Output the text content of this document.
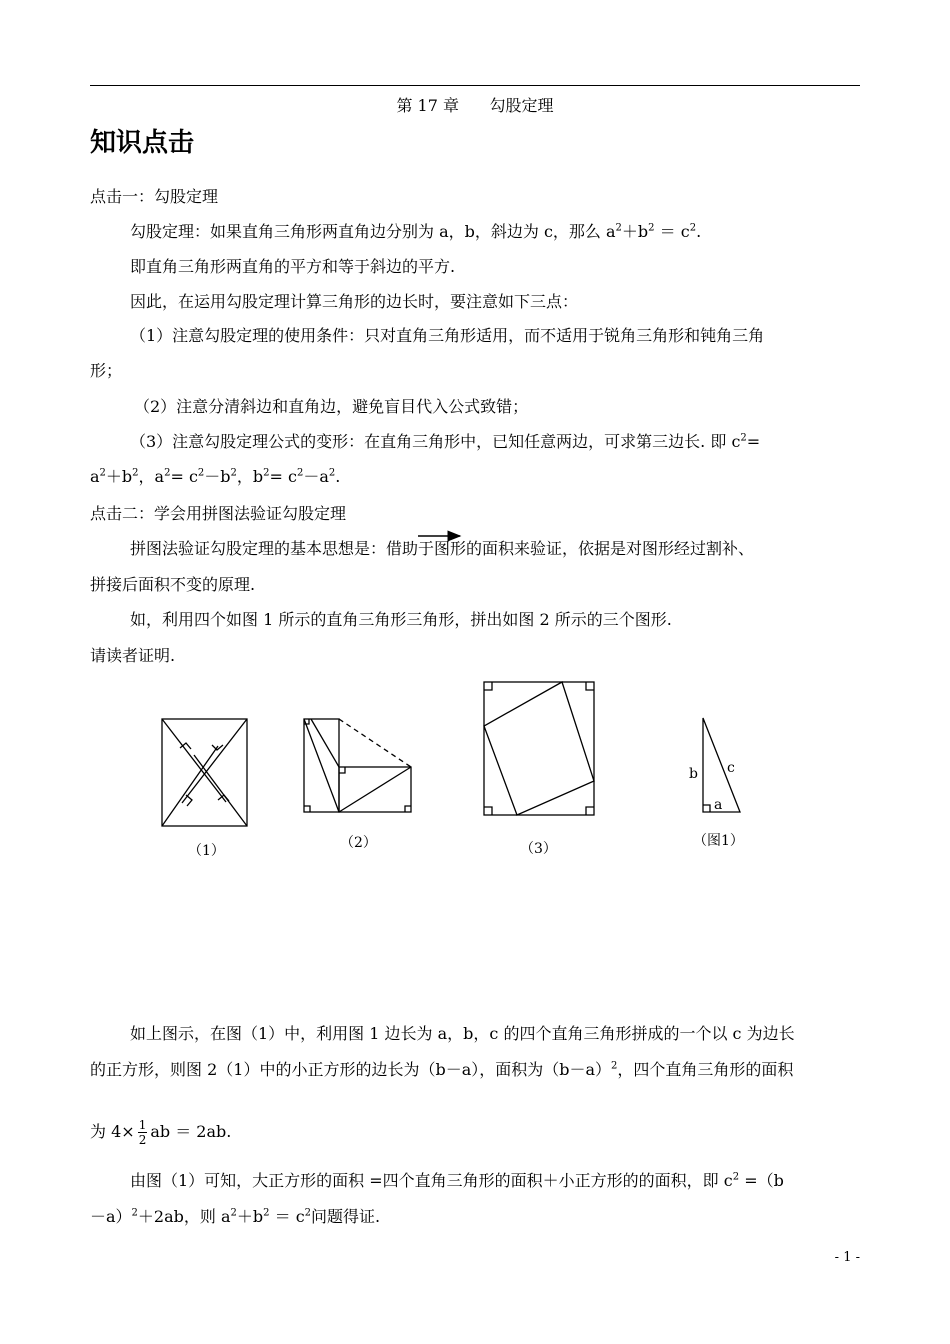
第 17 章 勾股定理
知识点击
点击一：勾股定理
勾股定理：如果直角三角形两直角边分别为 a，b，斜边为 c，那么 $a^2+b^2 = c^2$.
即直角三角形两直角的平方和等于斜边的平方.
因此，在运用勾股定理计算三角形的边长时，要注意如下三点：
（1）注意勾股定理的使用条件：只对直角三角形适用，而不适用于锐角三角形和钝角三角
形；
（2）注意分清斜边和直角边，避免盲目代入公式致错；
（3）注意勾股定理公式的变形：在直角三角形中，已知任意两边，可求第三边长. 即 $c^2=$
$a^2+b^2$，$a^2= c^2-b^2$，$b^2= c^2-a^2$.
点击二：学会用拼图法验证勾股定理
拼图法验证勾股定理的基本思想是：借助于图形的面积来验证，依据是对图形经过割补、
拼接后面积不变的原理.
如，利用四个如图 1 所示的直角三角形三角形，拼出如图 2 所示的三个图形.
请读者证明.
（1）	（2）	（3）	（图1）
b c
a
如上图示，在图（1）中，利用图 1 边长为 a，b，c 的四个直角三角形拼成的一个以 c 为边长
的正方形，则图 2（1）中的小正方形的边长为（b－a），面积为$(b-a)^2$，四个直角三角形的面积
为 $4\times \frac{1}{2}$ ab ＝ 2ab.
由图（1）可知，大正方形的面积 =四个直角三角形的面积＋小正方形的的面积，即 $c^2 =(b$
－a）$^2$＋2ab，则 $a^2+b^2 = c^2$问题得证.
- 1 -
